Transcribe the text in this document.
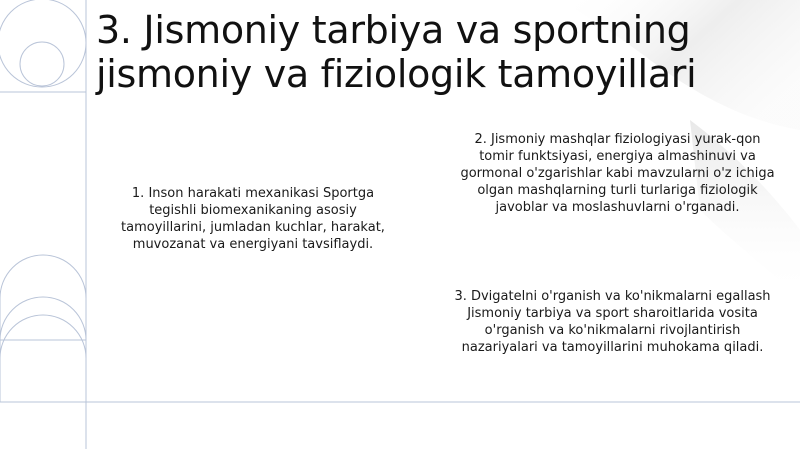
3. Jismoniy tarbiya va sportning
jismoniy va fiziologik tamoyillari

1. Inson harakati mexanikasi Sportga
tegishli biomexanikaning asosiy
tamoyillarini, jumladan kuchlar, harakat,
muvozanat va energiyani tavsiflaydi.

2. Jismoniy mashqlar fiziologiyasi yurak-qon
tomir funktsiyasi, energiya almashinuvi va
gormonal o'zgarishlar kabi mavzularni o'z ichiga
olgan mashqlarning turli turlariga fiziologik
javoblar va moslashuvlarni o'rganadi.

3. Dvigatelni o'rganish va ko'nikmalarni egallash
Jismoniy tarbiya va sport sharoitlarida vosita
o'rganish va ko'nikmalarni rivojlantirish
nazariyalari va tamoyillarini muhokama qiladi.
